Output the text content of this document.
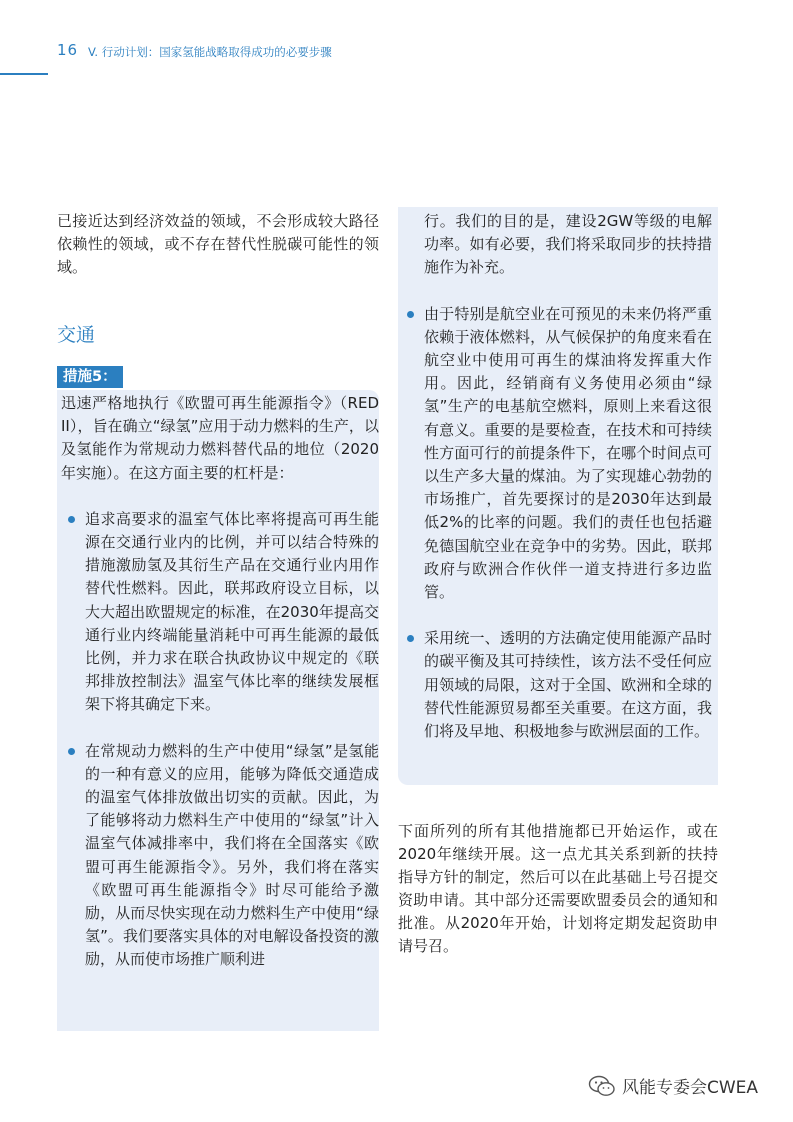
16 V. 行动计划：国家氢能战略取得成功的必要步骤

已接近达到经济效益的领域，不会形成较大路径依赖性的领域，或不存在替代性脱碳可能性的领域。

交通
措施5：

迅速严格地执行《欧盟可再生能源指令》（RED II），旨在确立“绿氢”应用于动力燃料的生产，以及氢能作为常规动力燃料替代品的地位（2020年实施）。在这方面主要的杠杆是：

追求高要求的温室气体比率将提高可再生能源在交通行业内的比例，并可以结合特殊的措施激励氢及其衍生产品在交通行业内用作替代性燃料。因此，联邦政府设立目标，以大大超出欧盟规定的标准，在2030年提高交通行业内终端能量消耗中可再生能源的最低比例，并力求在联合执政协议中规定的《联邦排放控制法》温室气体比率的继续发展框架下将其确定下来。

在常规动力燃料的生产中使用“绿氢”是氢能的一种有意义的应用，能够为降低交通造成的温室气体排放做出切实的贡献。因此，为了能够将动力燃料生产中使用的“绿氢”计入温室气体减排率中，我们将在全国落实《欧盟可再生能源指令》。另外，我们将在落实《欧盟可再生能源指令》时尽可能给予激励，从而尽快实现在动力燃料生产中使用“绿氢”。我们要落实具体的对电解设备投资的激励，从而使市场推广顺利进

行。我们的目的是，建设2GW等级的电解功率。如有必要，我们将采取同步的扶持措施作为补充。

由于特别是航空业在可预见的未来仍将严重依赖于液体燃料，从气候保护的角度来看在航空业中使用可再生的煤油将发挥重大作用。因此，经销商有义务使用必须由“绿氢”生产的电基航空燃料，原则上来看这很有意义。重要的是要检查，在技术和可持续性方面可行的前提条件下，在哪个时间点可以生产多大量的煤油。为了实现雄心勃勃的市场推广，首先要探讨的是2030年达到最低2%的比率的问题。我们的责任也包括避免德国航空业在竞争中的劣势。因此，联邦政府与欧洲合作伙伴一道支持进行多边监管。

采用统一、透明的方法确定使用能源产品时的碳平衡及其可持续性，该方法不受任何应用领域的局限，这对于全国、欧洲和全球的替代性能源贸易都至关重要。在这方面，我们将及早地、积极地参与欧洲层面的工作。

下面所列的所有其他措施都已开始运作，或在2020年继续开展。这一点尤其关系到新的扶持指导方针的制定，然后可以在此基础上号召提交资助申请。其中部分还需要欧盟委员会的通知和批准。从2020年开始，计划将定期发起资助申请号召。

风能专委会CWEA
